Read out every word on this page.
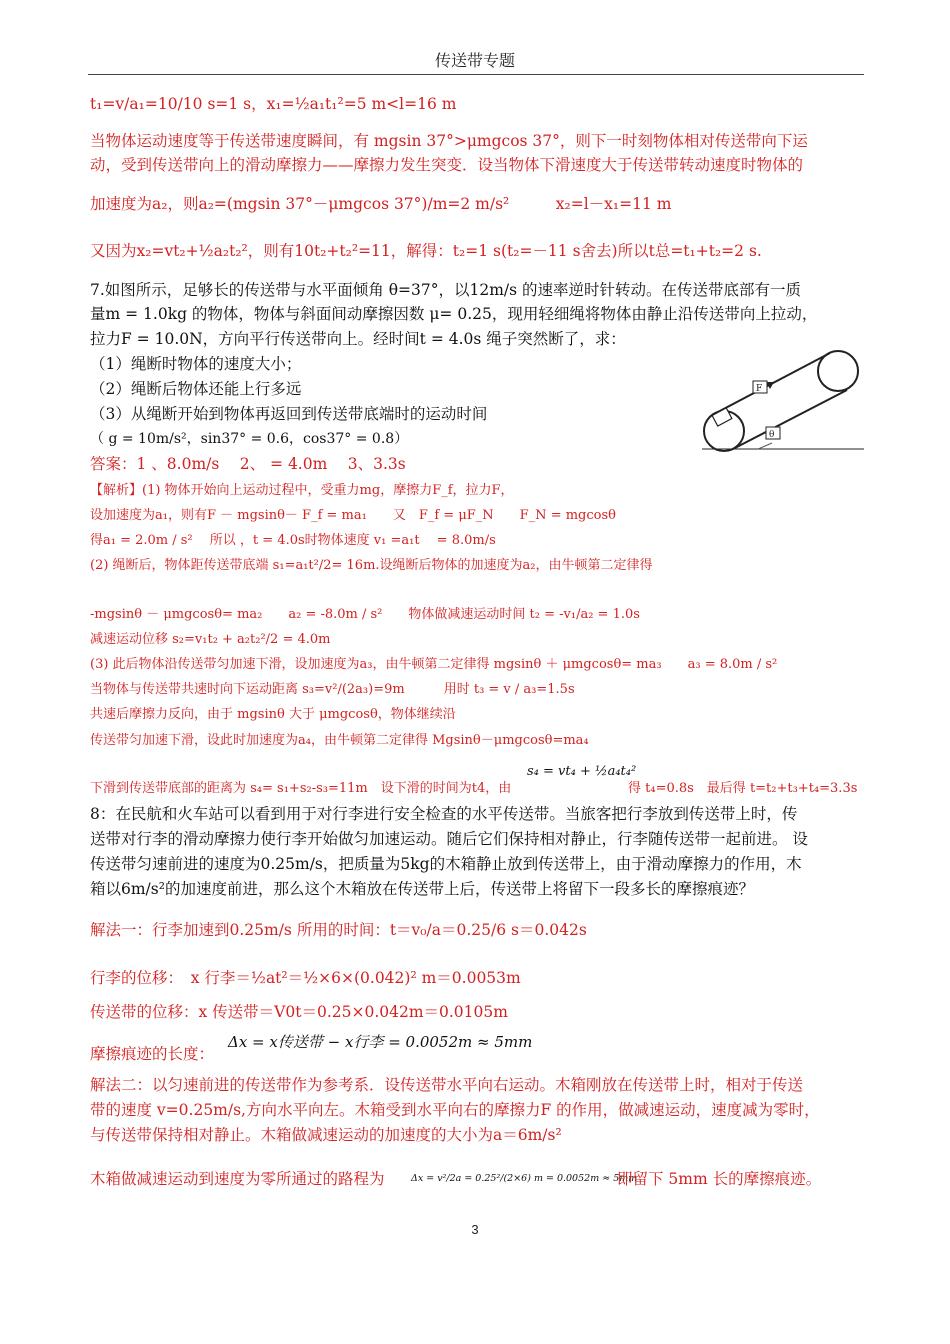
传送带专题
t₁=v/a₁=10/10 s=1 s，x₁=½a₁t₁²=5 m<l=16 m
当物体运动速度等于传送带速度瞬间，有 mgsin 37°>μmgcos 37°，则下一时刻物体相对传送带向下运
动，受到传送带向上的滑动摩擦力——摩擦力发生突变．设当物体下滑速度大于传送带转动速度时物体的
加速度为a₂，则a₂=(mgsin 37°－μmgcos 37°)/m=2 m/s²　　　x₂=l－x₁=11 m
又因为x₂=vt₂+½a₂t₂²，则有10t₂+t₂²=11，解得：t₂=1 s(t₂=－11 s舍去)所以t总=t₁+t₂=2 s.
7.如图所示，足够长的传送带与水平面倾角 θ=37°，以12m/s 的速率逆时针转动。在传送带底部有一质
量m = 1.0kg 的物体，物体与斜面间动摩擦因数 μ= 0.25，现用轻细绳将物体由静止沿传送带向上拉动，
拉力F = 10.0N，方向平行传送带向上。经时间t = 4.0s 绳子突然断了，求：
（1）绳断时物体的速度大小；
（2）绳断后物体还能上行多远
（3）从绳断开始到物体再返回到传送带底端时的运动时间
（ g = 10m/s²，sin37° = 0.6，cos37° = 0.8）
F
θ
答案：1 、8.0m/s　 2、 = 4.0m　 3、3.3s
【解析】(1) 物体开始向上运动过程中，受重力mg，摩擦力F_f，拉力F，
设加速度为a₁，则有F － mgsinθ－ F_f = ma₁　　又　F_f = μF_N　　F_N = mgcosθ
得a₁ = 2.0m / s²　 所以 ，t = 4.0s时物体速度 v₁ =a₁t　 = 8.0m/s
(2) 绳断后，物体距传送带底端 s₁=a₁t²/2= 16m.设绳断后物体的加速度为a₂，由牛顿第二定律得
-mgsinθ － μmgcosθ= ma₂　　a₂ = -8.0m / s²　　物体做减速运动时间 t₂ = -v₁/a₂ = 1.0s
减速运动位移 s₂=v₁t₂ + a₂t₂²/2 = 4.0m
(3) 此后物体沿传送带匀加速下滑，设加速度为a₃，由牛顿第二定律得 mgsinθ ＋ μmgcosθ= ma₃　　a₃ = 8.0m / s²
当物体与传送带共速时向下运动距离 s₃=v²/(2a₃)=9m　　　用时 t₃ = v / a₃=1.5s
共速后摩擦力反向，由于 mgsinθ 大于 μmgcosθ，物体继续沿
传送带匀加速下滑，设此时加速度为a₄，由牛顿第二定律得 Mgsinθ－μmgcosθ=ma₄
下滑到传送带底部的距离为 s₄= s₁+s₂-s₃=11m　设下滑的时间为t4，由
s₄ = vt₄ + ½a₄t₄²
得 t₄=0.8s　最后得 t=t₂+t₃+t₄=3.3s
8：在民航和火车站可以看到用于对行李进行安全检查的水平传送带。当旅客把行李放到传送带上时，传
送带对行李的滑动摩擦力使行李开始做匀加速运动。随后它们保持相对静止，行李随传送带一起前进。 设
传送带匀速前进的速度为0.25m/s，把质量为5kg的木箱静止放到传送带上，由于滑动摩擦力的作用，木
箱以6m/s²的加速度前进，那么这个木箱放在传送带上后，传送带上将留下一段多长的摩擦痕迹？
解法一：行李加速到0.25m/s 所用的时间：t＝v₀/a＝0.25/6 s＝0.042s
行李的位移：　x 行李＝½at²＝½×6×(0.042)² m＝0.0053m
传送带的位移：x 传送带＝V0t＝0.25×0.042m＝0.0105m
摩擦痕迹的长度：
Δx = x传送带 − x行李 = 0.0052m ≈ 5mm
解法二：以匀速前进的传送带作为参考系．设传送带水平向右运动。木箱刚放在传送带上时，相对于传送
带的速度 v=0.25m/s,方向水平向左。木箱受到水平向右的摩擦力F 的作用，做减速运动，速度减为零时，
与传送带保持相对静止。木箱做减速运动的加速度的大小为a＝6m/s²
木箱做减速运动到速度为零所通过的路程为	Δx = v²/2a = 0.25²/(2×6) m = 0.0052m ≈ 5mm
即留下 5mm 长的摩擦痕迹。
3
